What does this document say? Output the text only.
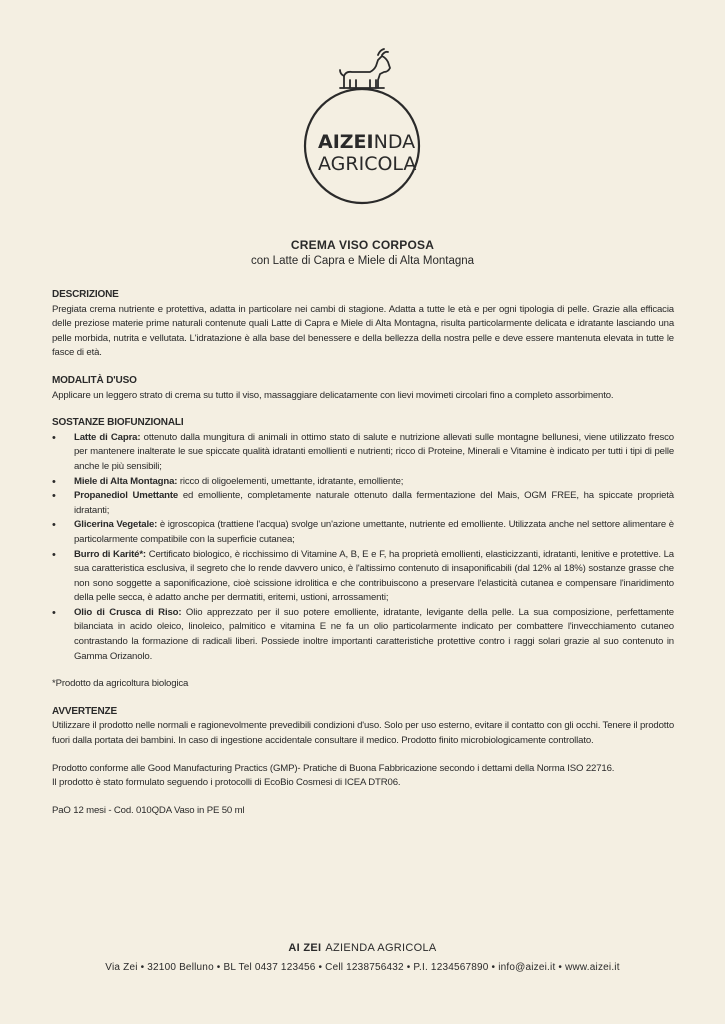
AIZEINDA
AGRICOLA
CREMA VISO CORPOSA
con Latte di Capra e Miele di Alta Montagna

DESCRIZIONE

Pregiata crema nutriente e protettiva, adatta in particolare nei cambi di stagione. Adatta a tutte le età e per ogni tipologia di pelle. Grazie alla efficacia delle preziose materie prime naturali contenute quali Latte di Capra e Miele di Alta Montagna, risulta particolarmente delicata e idratante lasciando una pelle morbida, nutrita e vellutata. L'idratazione è alla base del benessere e della bellezza della nostra pelle e deve essere mantenuta elevata in tutte le fasce di età.

MODALITÀ D'USO

Applicare un leggero strato di crema su tutto il viso, massaggiare delicatamente con lievi movimeti circolari fino a completo assorbimento.

SOSTANZE BIOFUNZIONALI

• Latte di Capra: ottenuto dalla mungitura di animali in ottimo stato di salute e nutrizione allevati sulle montagne bellunesi, viene utilizzato fresco per mantenere inalterate le sue spiccate qualità idratanti emollienti e nutrienti; ricco di Proteine, Minerali e Vitamine è indicato per tutti i tipi di pelle anche le più sensibili;
• Miele di Alta Montagna: ricco di oligoelementi, umettante, idratante, emolliente;
• Propanediol Umettante ed emolliente, completamente naturale ottenuto dalla fermentazione del Mais, OGM FREE, ha spiccate proprietà idratanti;
• Glicerina Vegetale: è igroscopica (trattiene l'acqua) svolge un'azione umettante, nutriente ed emolliente. Utilizzata anche nel settore alimentare è particolarmente compatibile con la superficie cutanea;
• Burro di Karité*: Certificato biologico, è ricchissimo di Vitamine A, B, E e F, ha proprietà emollienti, elasticizzanti, idratanti, lenitive e protettive. La sua caratteristica esclusiva, il segreto che lo rende davvero unico, è l'altissimo contenuto di insaponificabili (dal 12% al 18%) sostanze grasse che non sono soggette a saponificazione, cioè scissione idrolitica e che contribuiscono a preservare l'elasticità cutanea e compensare l'inaridimento della pelle secca, è adatto anche per dermatiti, eritemi, ustioni, arrossamenti;
• Olio di Crusca di Riso: Olio apprezzato per il suo potere emolliente, idratante, levigante della pelle. La sua composizione, perfettamente bilanciata in acido oleico, linoleico, palmitico e vitamina E ne fa un olio particolarmente indicato per combattere l'invecchiamento cutaneo contrastando la formazione di radicali liberi. Possiede inoltre importanti caratteristiche protettive contro i raggi solari grazie al suo contenuto in Gamma Orizanolo.

*Prodotto da agricoltura biologica

AVVERTENZE

Utilizzare il prodotto nelle normali e ragionevolmente prevedibili condizioni d'uso. Solo per uso esterno, evitare il contatto con gli occhi. Tenere il prodotto fuori dalla portata dei bambini. In caso di ingestione accidentale consultare il medico. Prodotto finito microbiologicamente controllato.

Prodotto conforme alle Good Manufacturing Practics (GMP)- Pratiche di Buona Fabbricazione secondo i dettami della Norma ISO 22716.

Il prodotto è stato formulato seguendo i protocolli di EcoBio Cosmesi di ICEA DTR06.

PaO 12 mesi - Cod. 010QDA Vaso in PE 50 ml

AI ZEI AZIENDA AGRICOLA
Via Zei • 32100 Belluno • BL Tel 0437 123456 • Cell 1238756432 • P.I. 1234567890 • info@aizei.it • www.aizei.it
